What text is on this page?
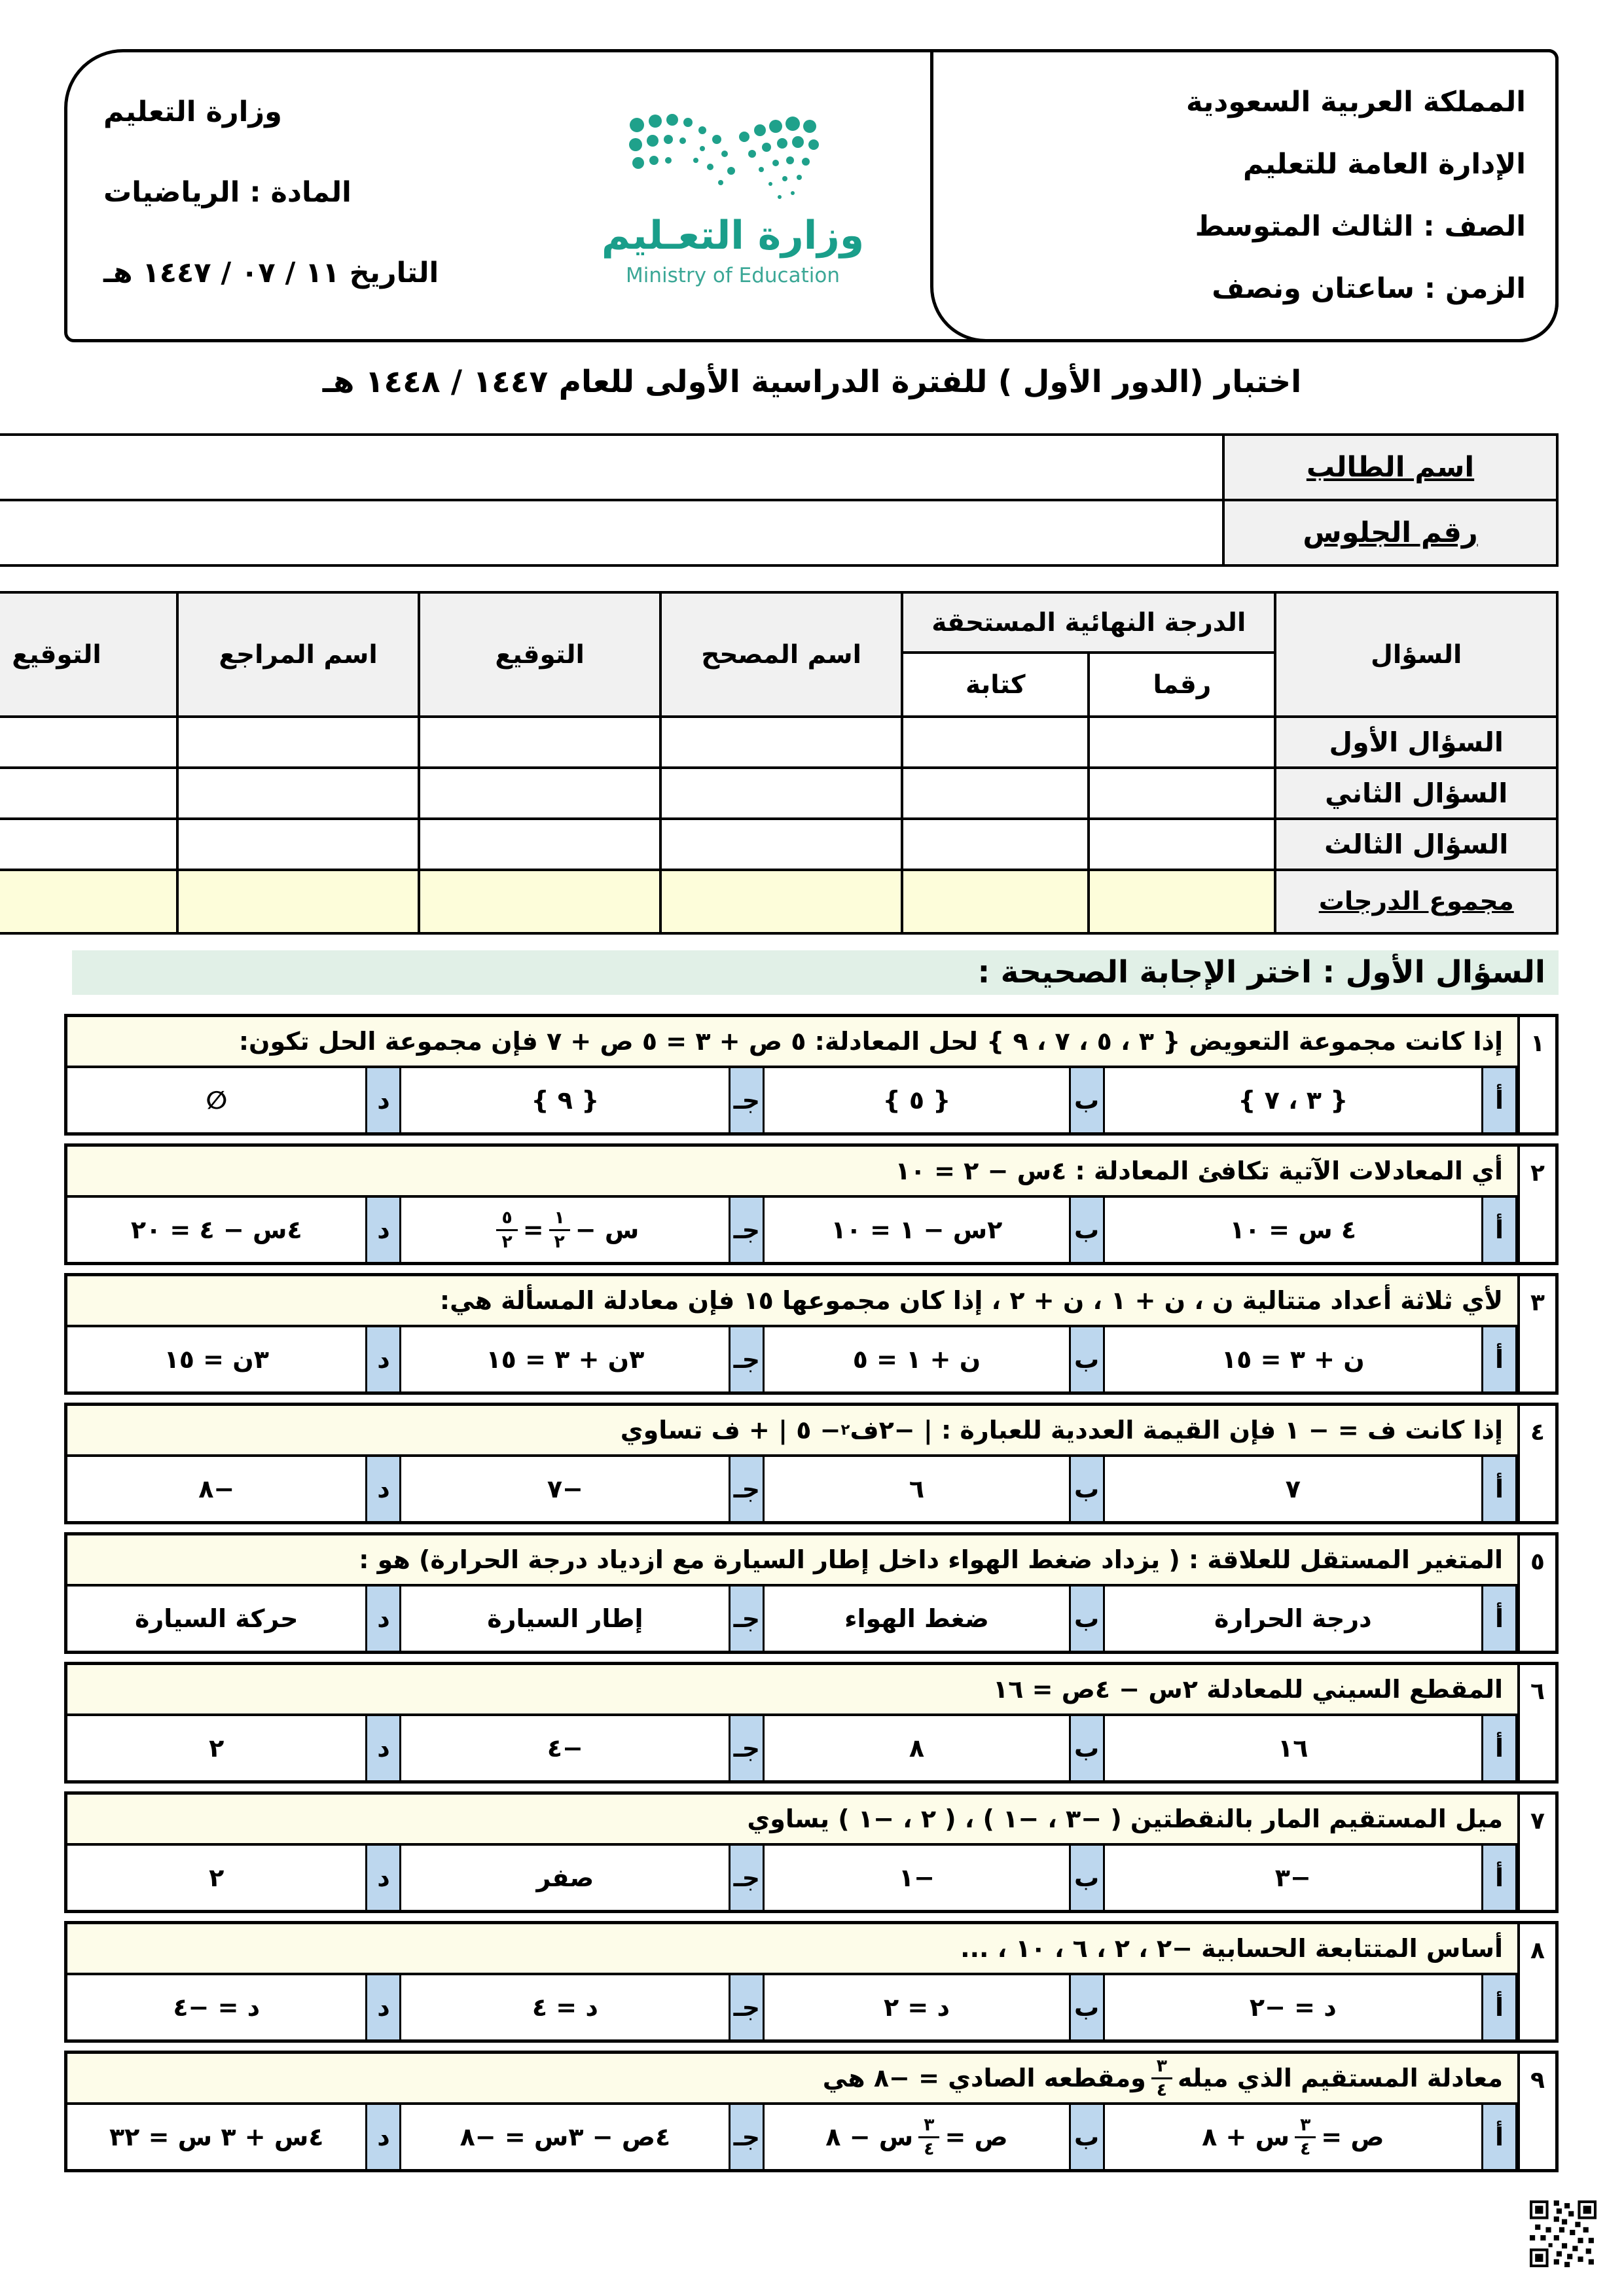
وزارة التعـليم
Ministry of Education
وزارة التعليم
المادة : الرياضيات
التاريخ ١١ / ٠٧ / ١٤٤٧ هـ
المملكة العربية السعودية
الإدارة العامة للتعليم
الصف : الثالث المتوسط
الزمن : ساعتان ونصف
اختبار (الدور الأول ) للفترة الدراسية الأولى للعام ١٤٤٧ / ١٤٤٨ هـ
اسم الطالب	
رقم الجلوس	
السؤال	الدرجة النهائية المستحقة		اسم المصحح	التوقيع	اسم المراجع	التوقيع
	رقما	كتابة				
السؤال الأول						
السؤال الثاني						
السؤال الثالث						
مجموع الدرجات						
السؤال الأول : اختر الإجابة الصحيحة :
١
إذا كانت مجموعة التعويض { ٣ ، ٥ ، ٧ ، ٩ } لحل المعادلة: ٥ ص + ٣ = ٥ ص + ٧ فإن مجموعة الحل تكون:
أ
{ ٣ ، ٧ }
ب
{ ٥ }
جـ
{ ٩ }
د
∅
٢
أي المعادلات الآتية تكافئ المعادلة : ٤س − ٢ = ١٠
أ
٤ س = ١٠
ب
٢س − ١ = ١٠
جـ
س −
$\frac{١}{٢}$
=
$\frac{٥}{٢}$
د
٤س − ٤ = ٢٠
٣
لأي ثلاثة أعداد متتالية ن ، ن + ١ ، ن + ٢ ، إذا كان مجموعها ١٥ فإن معادلة المسألة هي:
أ
ن + ٣ = ١٥
ب
ن + ١ = ٥
جـ
٣ن + ٣ = ١٥
د
٣ن = ١٥
٤
إذا كانت ف = − ١ فإن القيمة العددية للعبارة : | −٢ف
٢
− ٥ | + ف تساوي
أ
٧
ب
٦
جـ
−٧
د
−٨
٥
المتغير المستقل للعلاقة : ( يزداد ضغط الهواء داخل إطار السيارة مع ازدياد درجة الحرارة) هو :
أ
درجة الحرارة
ب
ضغط الهواء
جـ
إطار السيارة
د
حركة السيارة
٦
المقطع السيني للمعادلة ٢س − ٤ص = ١٦
أ
١٦
ب
٨
جـ
−٤
د
٢
٧
ميل المستقيم المار بالنقطتين ( −٣ ، −١ ) ، ( ٢ ، −١ ) يساوي
أ
−٣
ب
−١
جـ
صفر
د
٢
٨
أساس المتتابعة الحسابية −٢ ، ٢ ، ٦ ، ١٠ ، ...
أ
د = −٢
ب
د = ٢
جـ
د = ٤
د
د = −٤
٩
معادلة المستقيم الذي ميله
$\frac{٣}{٤}$
ومقطعه الصادي = −٨ هي
أ
ص =
$\frac{٣}{٤}$
س + ٨
ب
ص =
$\frac{٣}{٤}$
س − ٨
جـ
٤ص − ٣س = −٨
د
٤س + ٣ س = ٣٢
